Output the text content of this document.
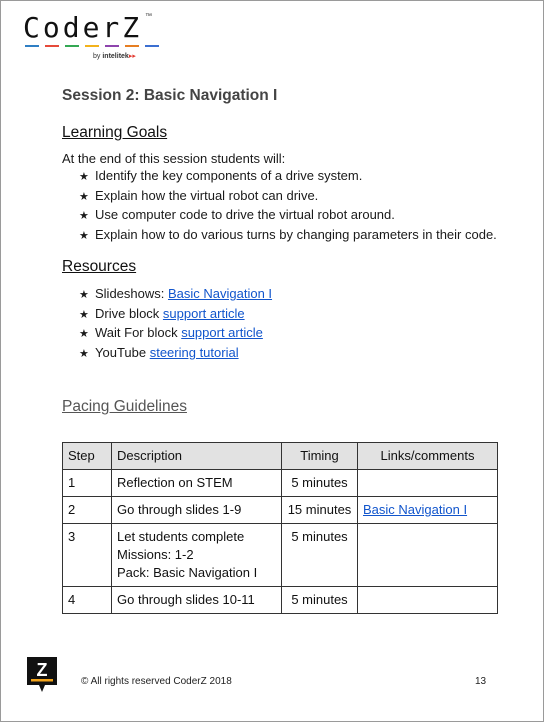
CoderZ ™
by intelitek▸▸
Session 2: Basic Navigation I
Learning Goals
At the end of this session students will:
★ Identify the key components of a drive system.
★ Explain how the virtual robot can drive.
★ Use computer code to drive the virtual robot around.
★ Explain how to do various turns by changing parameters in their code.
Resources
★ Slideshows: Basic Navigation I
★ Drive block support article
★ Wait For block support article
★ YouTube steering tutorial
Pacing Guidelines
Step	Description	Timing	Links/comments
1	Reflection on STEM	5 minutes	
2	Go through slides 1-9	15 minutes	Basic Navigation I
3	Let students complete
Missions: 1-2
Pack: Basic Navigation I	5 minutes	
4	Go through slides 10-11	5 minutes	
Z
© All rights reserved CoderZ 2018	13
